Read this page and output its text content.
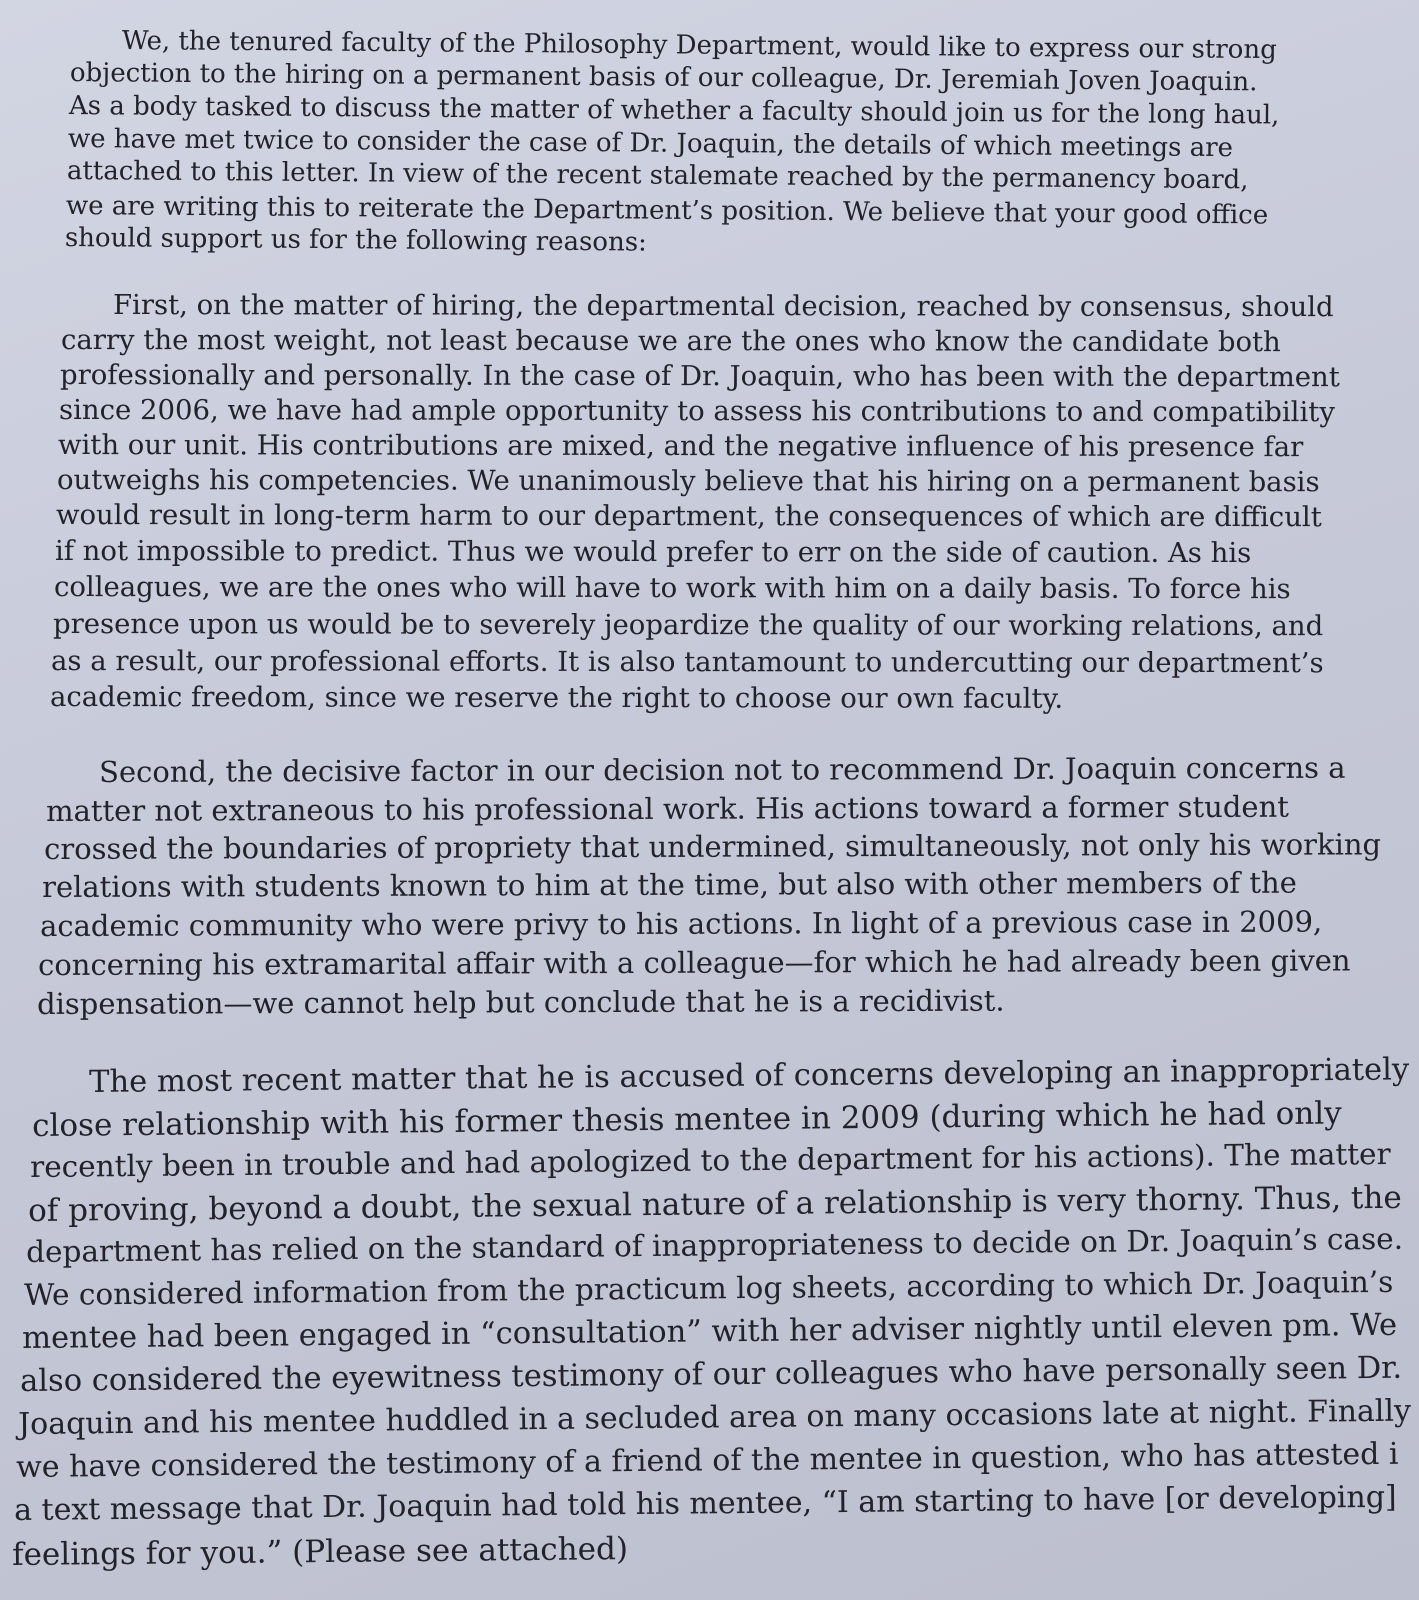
We, the tenured faculty of the Philosophy Department, would like to express our strong
objection to the hiring on a permanent basis of our colleague, Dr. Jeremiah Joven Joaquin.
As a body tasked to discuss the matter of whether a faculty should join us for the long haul,
we have met twice to consider the case of Dr. Joaquin, the details of which meetings are
attached to this letter. In view of the recent stalemate reached by the permanency board,
we are writing this to reiterate the Department’s position. We believe that your good office
should support us for the following reasons:
First, on the matter of hiring, the departmental decision, reached by consensus, should
carry the most weight, not least because we are the ones who know the candidate both
professionally and personally. In the case of Dr. Joaquin, who has been with the department
since 2006, we have had ample opportunity to assess his contributions to and compatibility
with our unit. His contributions are mixed, and the negative influence of his presence far
outweighs his competencies. We unanimously believe that his hiring on a permanent basis
would result in long-term harm to our department, the consequences of which are difficult
if not impossible to predict. Thus we would prefer to err on the side of caution. As his
colleagues, we are the ones who will have to work with him on a daily basis. To force his
presence upon us would be to severely jeopardize the quality of our working relations, and
as a result, our professional efforts. It is also tantamount to undercutting our department’s
academic freedom, since we reserve the right to choose our own faculty.
Second, the decisive factor in our decision not to recommend Dr. Joaquin concerns a
matter not extraneous to his professional work. His actions toward a former student
crossed the boundaries of propriety that undermined, simultaneously, not only his working
relations with students known to him at the time, but also with other members of the
academic community who were privy to his actions. In light of a previous case in 2009,
concerning his extramarital affair with a colleague—for which he had already been given
dispensation—we cannot help but conclude that he is a recidivist.
The most recent matter that he is accused of concerns developing an inappropriately
close relationship with his former thesis mentee in 2009 (during which he had only
recently been in trouble and had apologized to the department for his actions). The matter
of proving, beyond a doubt, the sexual nature of a relationship is very thorny. Thus, the
department has relied on the standard of inappropriateness to decide on Dr. Joaquin’s case.
We considered information from the practicum log sheets, according to which Dr. Joaquin’s
mentee had been engaged in “consultation” with her adviser nightly until eleven pm. We
also considered the eyewitness testimony of our colleagues who have personally seen Dr.
Joaquin and his mentee huddled in a secluded area on many occasions late at night. Finally
we have considered the testimony of a friend of the mentee in question, who has attested i
a text message that Dr. Joaquin had told his mentee, “I am starting to have [or developing]
feelings for you.” (Please see attached)
